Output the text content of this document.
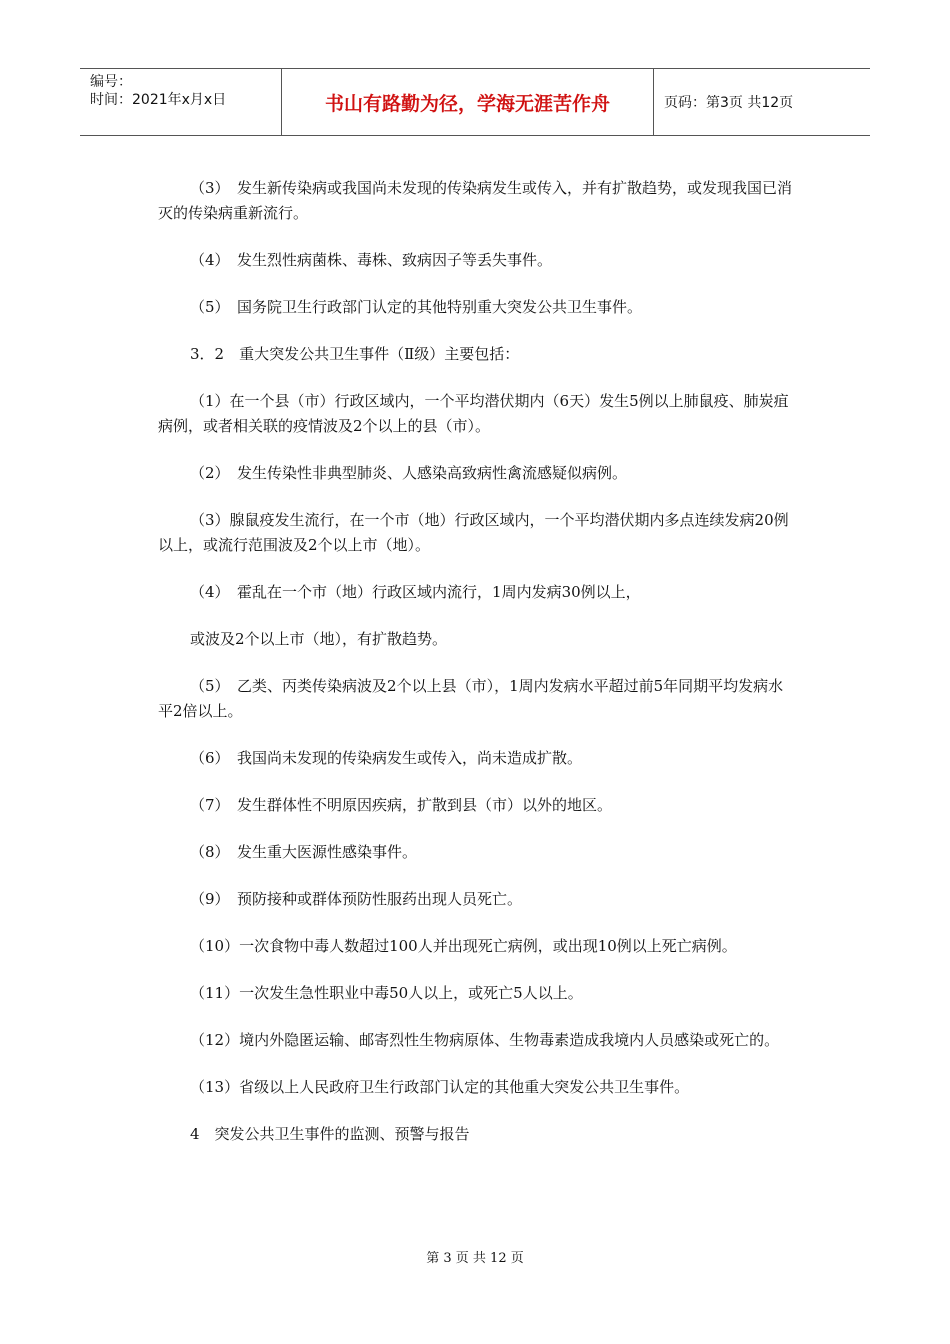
编号：
时间：2021年x月x日	书山有路勤为径，学海无涯苦作舟	页码：第3页 共12页

（3）　发生新传染病或我国尚未发现的传染病发生或传入，并有扩散趋势，或发现我国已消灭的传染病重新流行。

（4）　发生烈性病菌株、毒株、致病因子等丢失事件。

（5）　国务院卫生行政部门认定的其他特别重大突发公共卫生事件。

3．2　重大突发公共卫生事件（Ⅱ级）主要包括：

（1）在一个县（市）行政区域内，一个平均潜伏期内（6天）发生5例以上肺鼠疫、肺炭疽病例，或者相关联的疫情波及2个以上的县（市）。

（2）　发生传染性非典型肺炎、人感染高致病性禽流感疑似病例。

（3）腺鼠疫发生流行，在一个市（地）行政区域内，一个平均潜伏期内多点连续发病20例以上，或流行范围波及2个以上市（地）。

（4）　霍乱在一个市（地）行政区域内流行，1周内发病30例以上，

或波及2个以上市（地），有扩散趋势。

（5）　乙类、丙类传染病波及2个以上县（市），1周内发病水平超过前5年同期平均发病水平2倍以上。

（6）　我国尚未发现的传染病发生或传入，尚未造成扩散。

（7）　发生群体性不明原因疾病，扩散到县（市）以外的地区。

（8）　发生重大医源性感染事件。

（9）　预防接种或群体预防性服药出现人员死亡。

（10）一次食物中毒人数超过100人并出现死亡病例，或出现10例以上死亡病例。

（11）一次发生急性职业中毒50人以上，或死亡5人以上。

（12）境内外隐匿运输、邮寄烈性生物病原体、生物毒素造成我境内人员感染或死亡的。

（13）省级以上人民政府卫生行政部门认定的其他重大突发公共卫生事件。

4　突发公共卫生事件的监测、预警与报告

第 3 页 共 12 页
